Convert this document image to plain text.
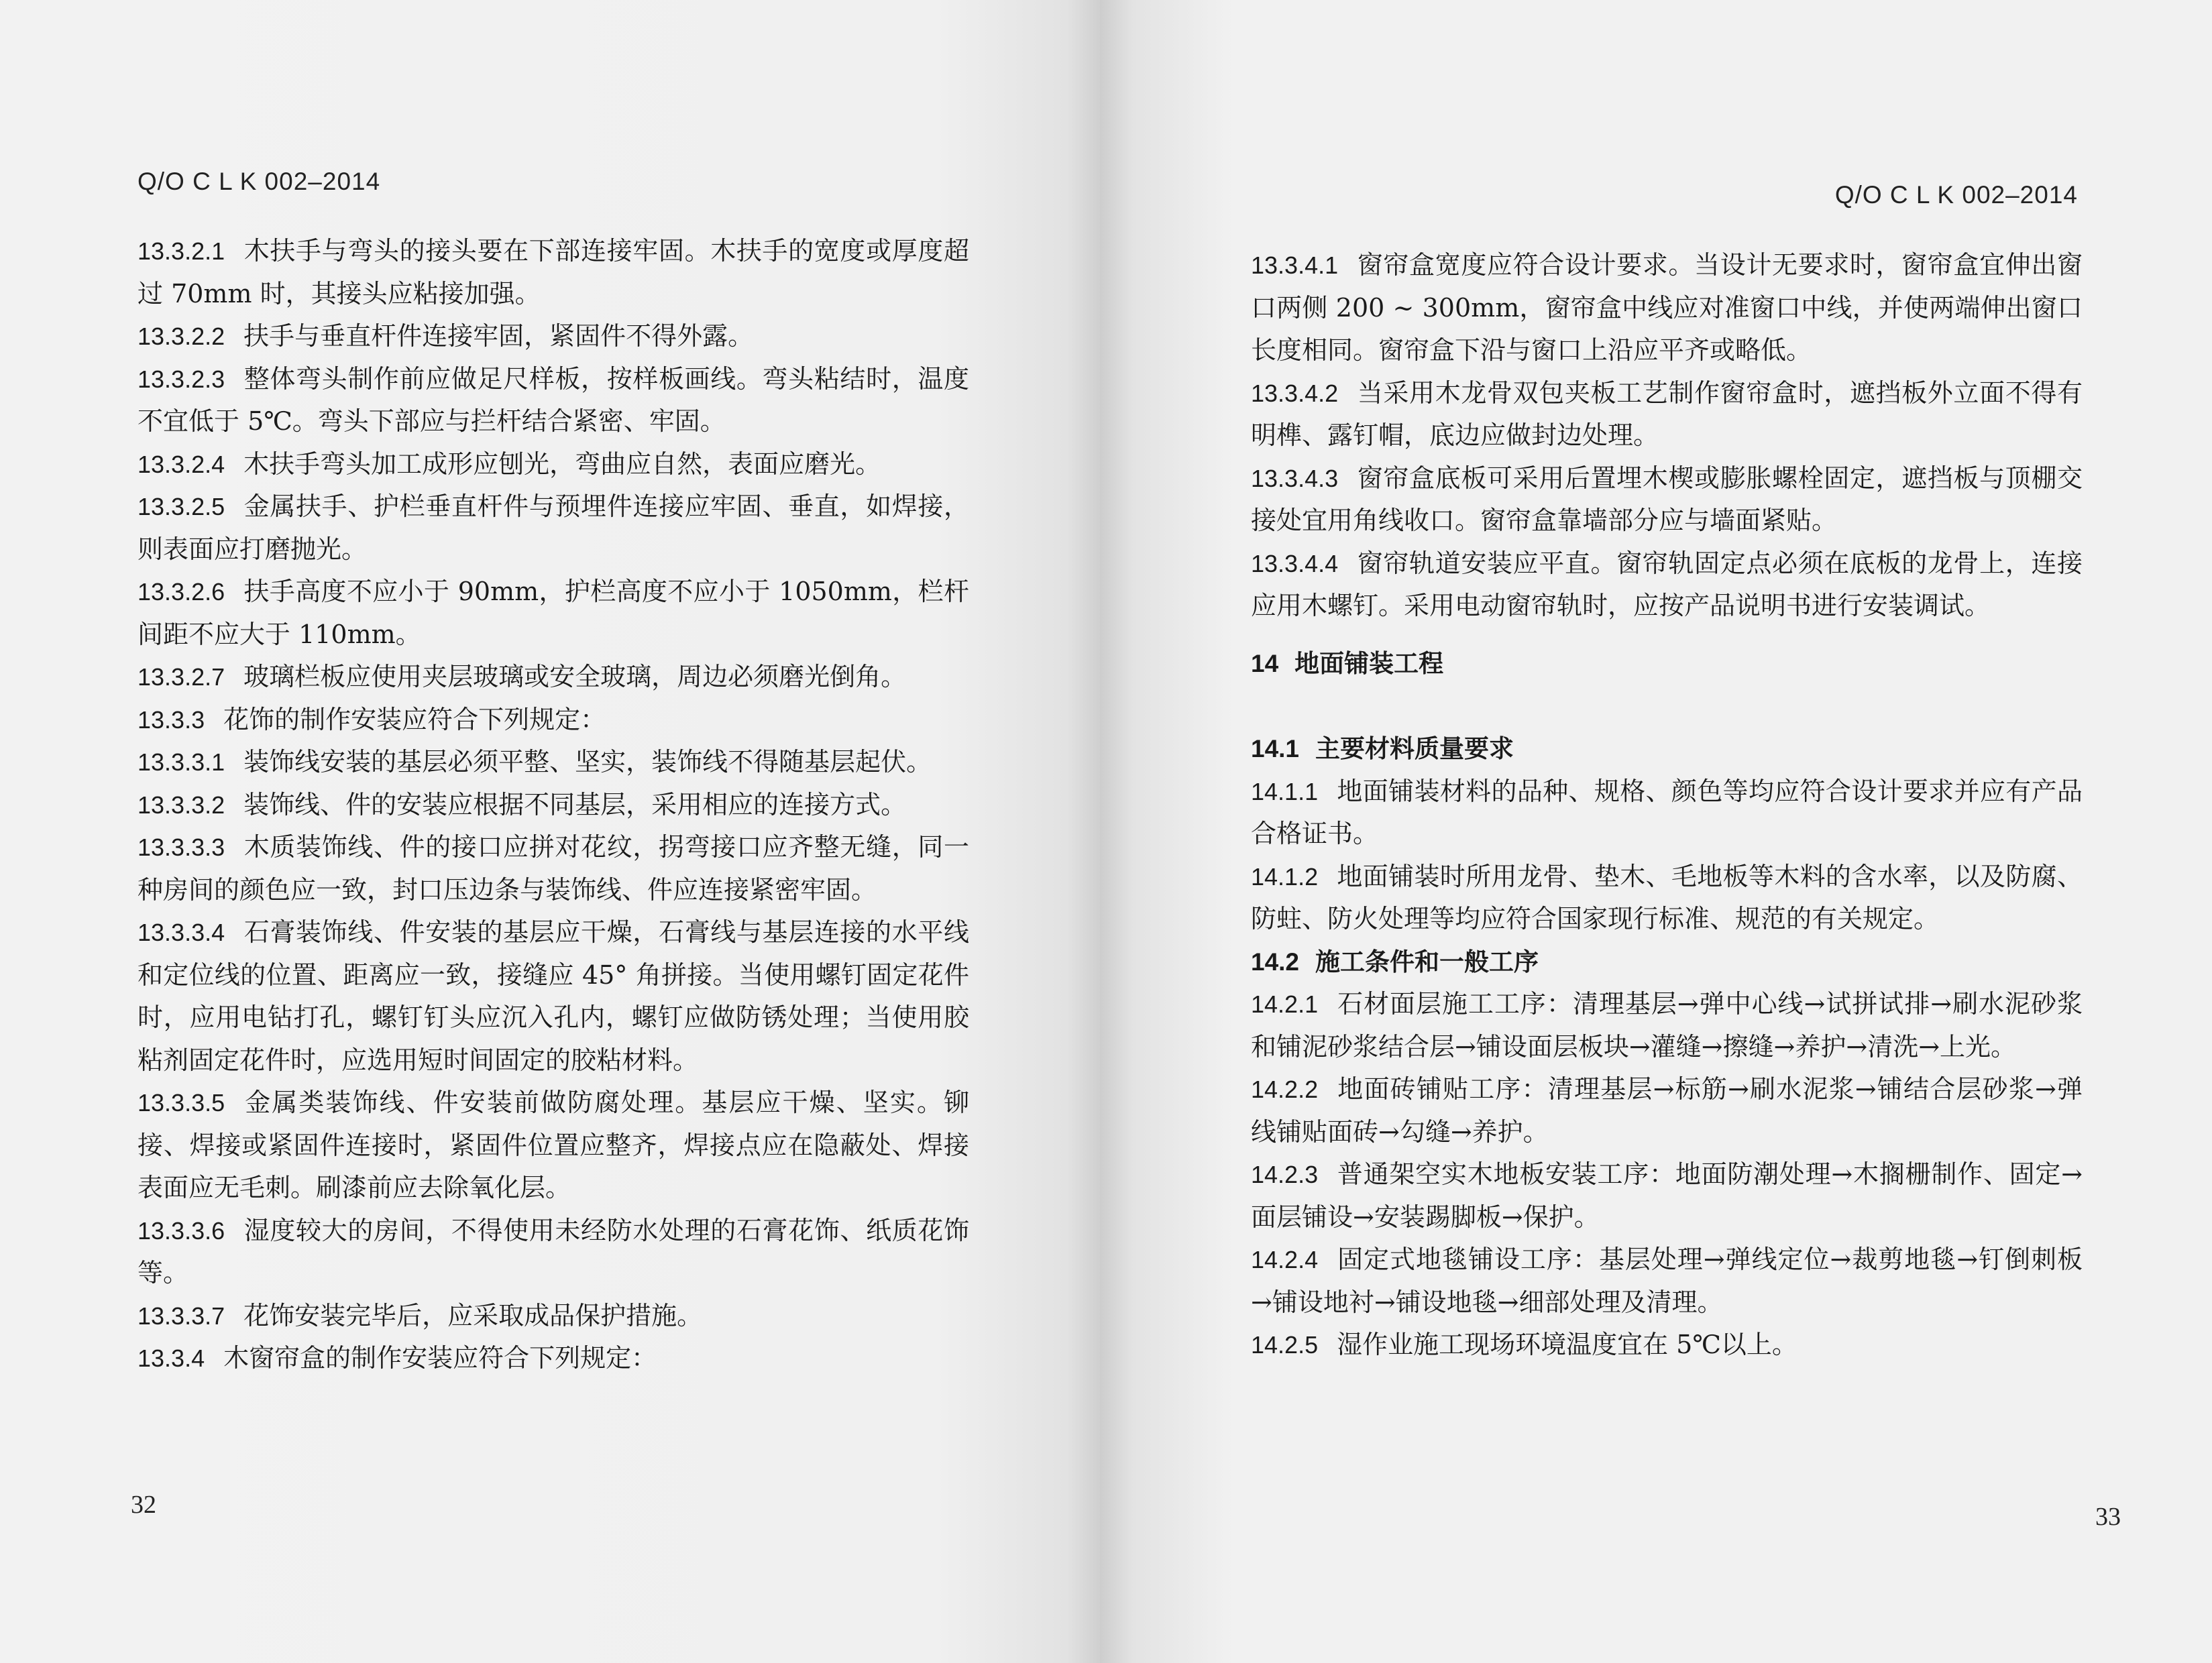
Q/O C L K 002–2014

13.3.2.1 木扶手与弯头的接头要在下部连接牢固。木扶手的宽度或厚度超过 70mm 时，其接头应粘接加强。

13.3.2.2 扶手与垂直杆件连接牢固，紧固件不得外露。

13.3.2.3 整体弯头制作前应做足尺样板，按样板画线。弯头粘结时，温度不宜低于 5℃。弯头下部应与拦杆结合紧密、牢固。

13.3.2.4 木扶手弯头加工成形应刨光，弯曲应自然，表面应磨光。

13.3.2.5 金属扶手、护栏垂直杆件与预埋件连接应牢固、垂直，如焊接，则表面应打磨抛光。

13.3.2.6 扶手高度不应小于 90mm，护栏高度不应小于 1050mm，栏杆间距不应大于 110mm。

13.3.2.7 玻璃栏板应使用夹层玻璃或安全玻璃，周边必须磨光倒角。

13.3.3 花饰的制作安装应符合下列规定：

13.3.3.1 装饰线安装的基层必须平整、坚实，装饰线不得随基层起伏。

13.3.3.2 装饰线、件的安装应根据不同基层，采用相应的连接方式。

13.3.3.3 木质装饰线、件的接口应拼对花纹，拐弯接口应齐整无缝，同一种房间的颜色应一致，封口压边条与装饰线、件应连接紧密牢固。

13.3.3.4 石膏装饰线、件安装的基层应干燥，石膏线与基层连接的水平线和定位线的位置、距离应一致，接缝应 45° 角拼接。当使用螺钉固定花件时，应用电钻打孔，螺钉钉头应沉入孔内，螺钉应做防锈处理；当使用胶粘剂固定花件时，应选用短时间固定的胶粘材料。

13.3.3.5 金属类装饰线、件安装前做防腐处理。基层应干燥、坚实。铆接、焊接或紧固件连接时，紧固件位置应整齐，焊接点应在隐蔽处、焊接表面应无毛刺。刷漆前应去除氧化层。

13.3.3.6 湿度较大的房间，不得使用未经防水处理的石膏花饰、纸质花饰等。

13.3.3.7 花饰安装完毕后，应采取成品保护措施。

13.3.4 木窗帘盒的制作安装应符合下列规定：

32
Q/O C L K 002–2014

13.3.4.1 窗帘盒宽度应符合设计要求。当设计无要求时，窗帘盒宜伸出窗口两侧 200 ~ 300mm，窗帘盒中线应对准窗口中线，并使两端伸出窗口长度相同。窗帘盒下沿与窗口上沿应平齐或略低。

13.3.4.2 当采用木龙骨双包夹板工艺制作窗帘盒时，遮挡板外立面不得有明榫、露钉帽，底边应做封边处理。

13.3.4.3 窗帘盒底板可采用后置埋木楔或膨胀螺栓固定，遮挡板与顶棚交接处宜用角线收口。窗帘盒靠墙部分应与墙面紧贴。

13.3.4.4 窗帘轨道安装应平直。窗帘轨固定点必须在底板的龙骨上，连接应用木螺钉。采用电动窗帘轨时，应按产品说明书进行安装调试。

14 地面铺装工程

14.1 主要材料质量要求

14.1.1 地面铺装材料的品种、规格、颜色等均应符合设计要求并应有产品合格证书。

14.1.2 地面铺装时所用龙骨、垫木、毛地板等木料的含水率，以及防腐、防蛀、防火处理等均应符合国家现行标准、规范的有关规定。

14.2 施工条件和一般工序

14.2.1 石材面层施工工序：清理基层→弹中心线→试拼试排→刷水泥砂浆和铺泥砂浆结合层→铺设面层板块→灌缝→擦缝→养护→清洗→上光。

14.2.2 地面砖铺贴工序：清理基层→标筋→刷水泥浆→铺结合层砂浆→弹线铺贴面砖→勾缝→养护。

14.2.3 普通架空实木地板安装工序：地面防潮处理→木搁栅制作、固定→面层铺设→安装踢脚板→保护。

14.2.4 固定式地毯铺设工序：基层处理→弹线定位→裁剪地毯→钉倒刺板→铺设地衬→铺设地毯→细部处理及清理。

14.2.5 湿作业施工现场环境温度宜在 5℃以上。

33
